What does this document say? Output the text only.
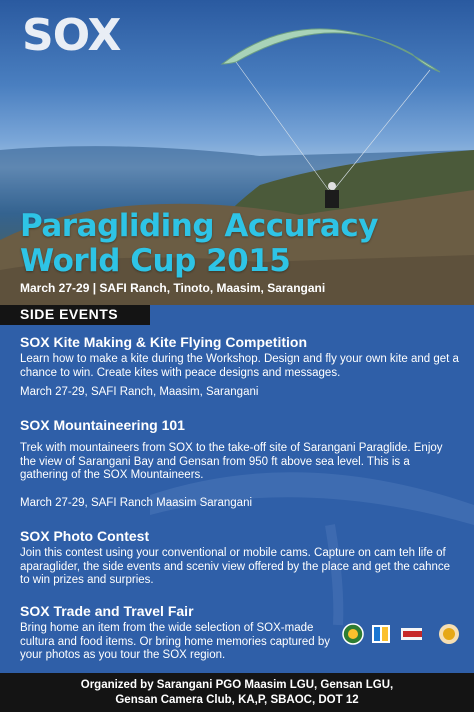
SOX
Paragliding Accuracy
World Cup 2015
March 27-29 | SAFI Ranch, Tinoto, Maasim, Sarangani
SIDE EVENTS
SOX Kite Making & Kite Flying Competition

Learn how to make a kite during the Workshop. Design and fly your own kite and get a chance to win. Create kites with peace designs and messages.

March 27-29, SAFI Ranch, Maasim, Sarangani

SOX Mountaineering 101

Trek with mountaineers from SOX to the take-off site of Sarangani Paraglide. Enjoy the view of Sarangani Bay and Gensan from 950 ft above sea level. This is a gathering of the SOX Mountaineers.

March 27-29, SAFI Ranch Maasim Sarangani

SOX Photo Contest

Join this contest using your conventional or mobile cams. Capture on cam teh life of aparaglider, the side events and sceniv view offered by the place and get the cahnce to win prizes and surpries.

SOX Trade and Travel Fair

Bring home an item from the wide selection of SOX-made cultura and food items. Or bring home memories captured by your photos as you tour the SOX region.

Organized by Sarangani PGO Maasim LGU, Gensan LGU,
Gensan Camera Club, KA,P, SBAOC, DOT 12
